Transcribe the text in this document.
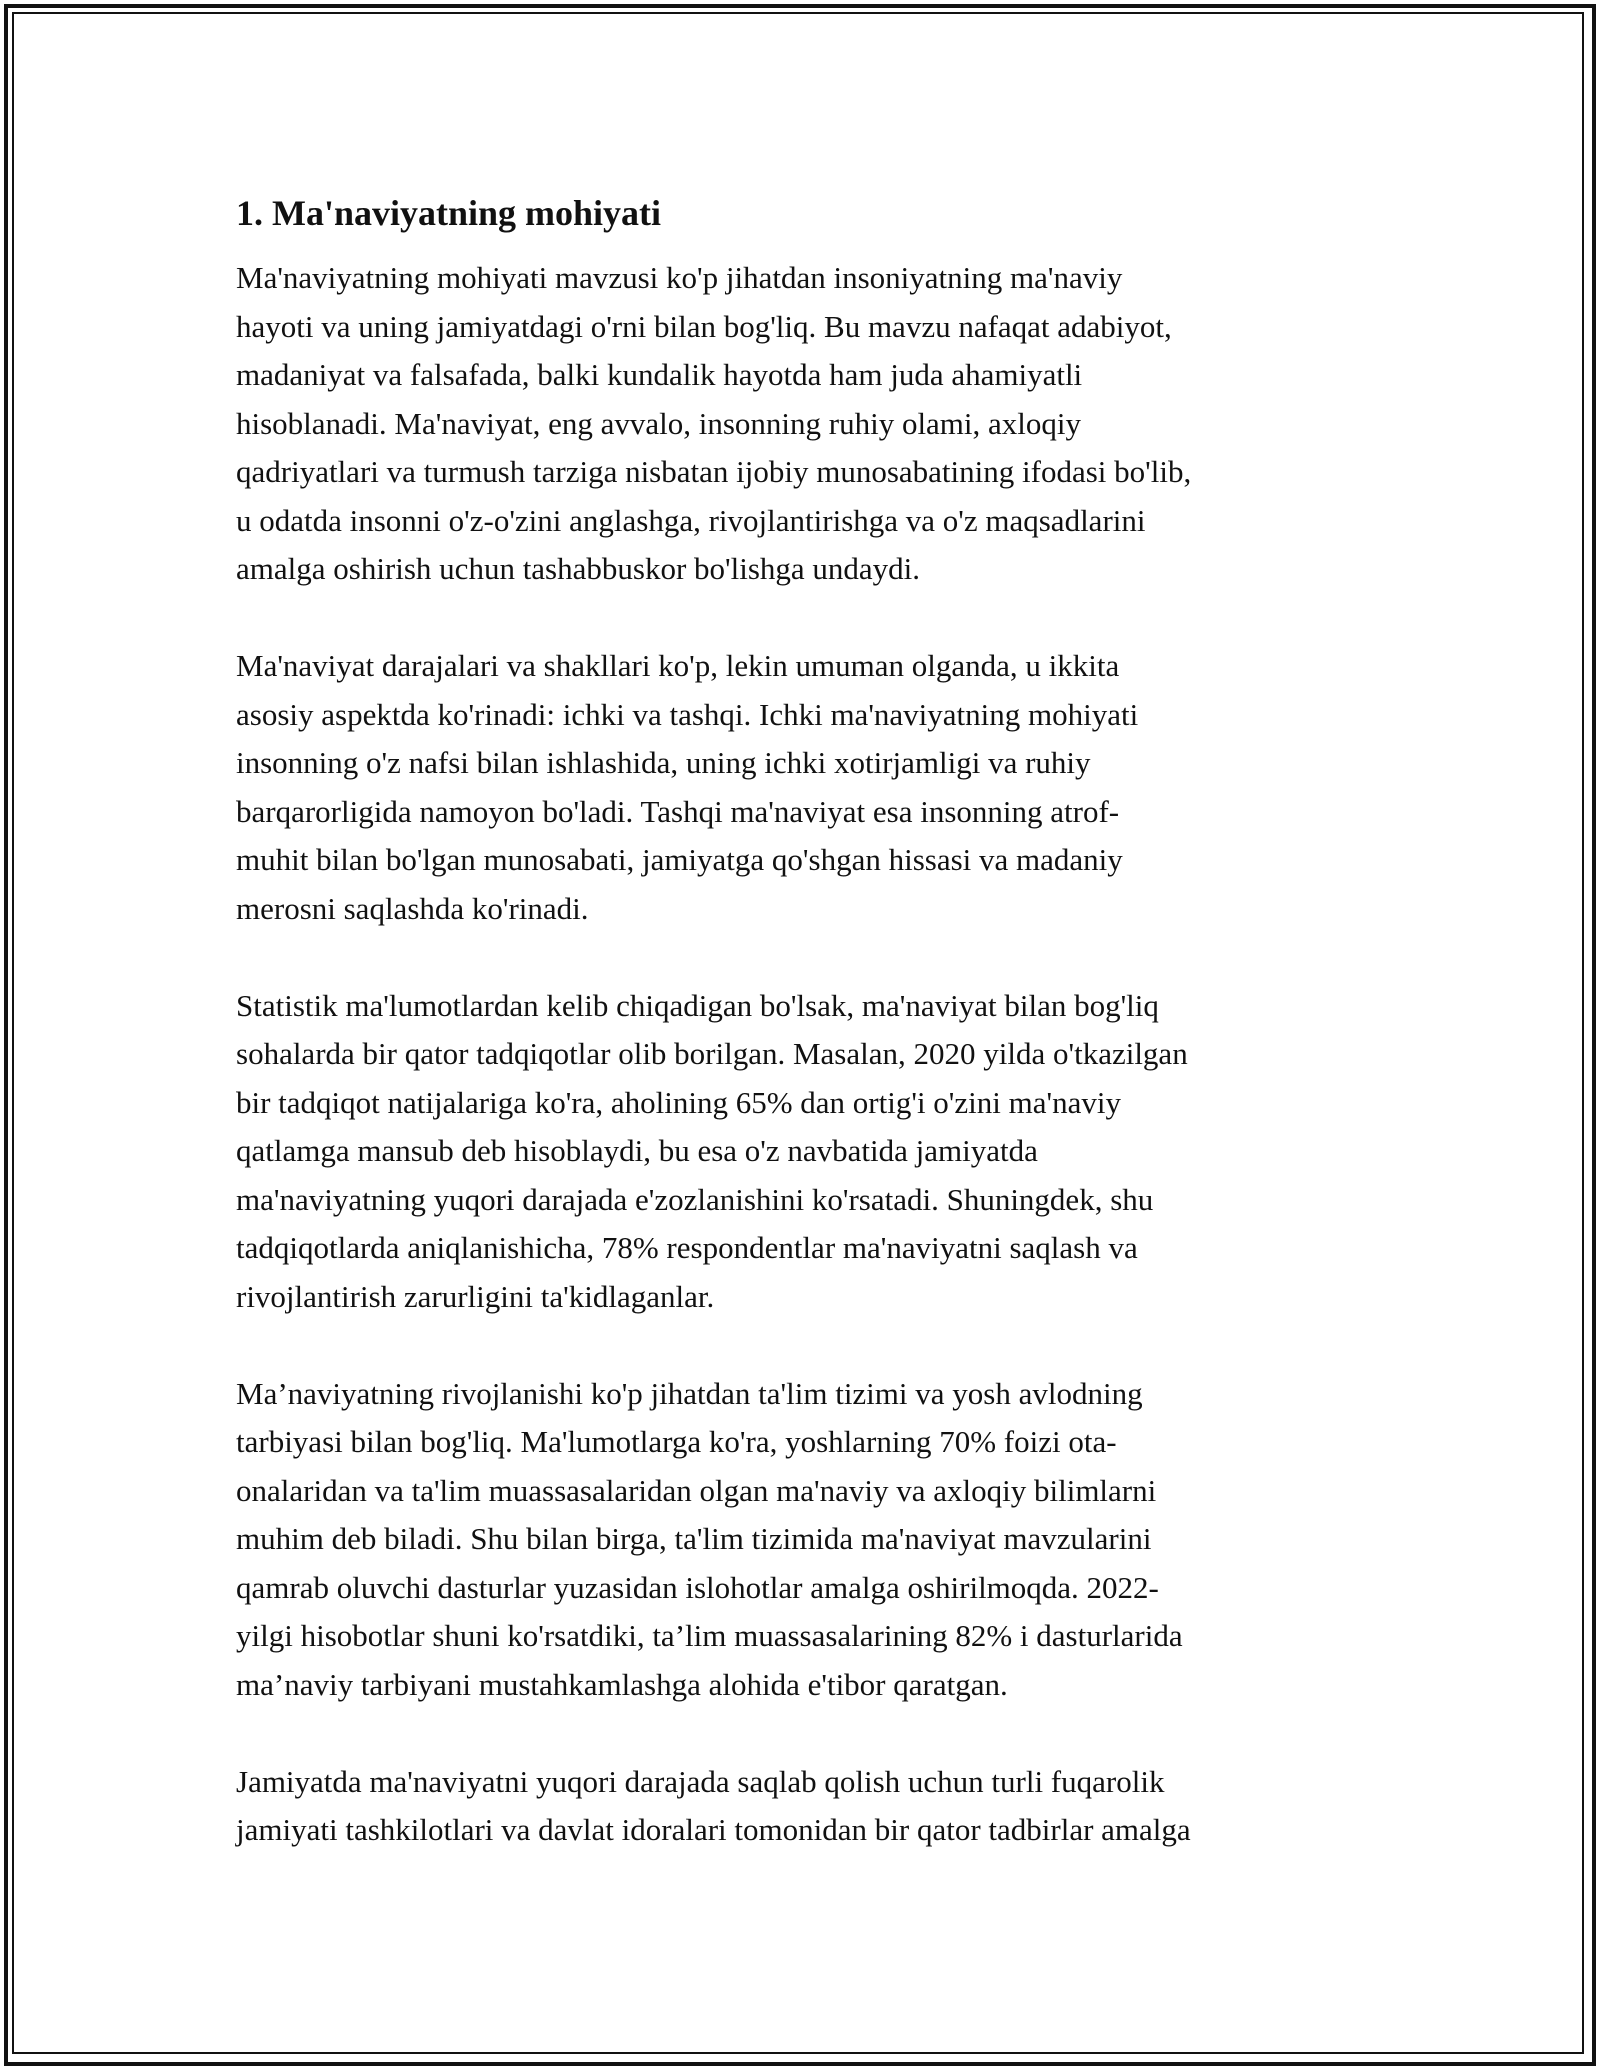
1. Ma'naviyatning mohiyati

Ma'naviyatning mohiyati mavzusi ko'p jihatdan insoniyatning ma'naviy
hayoti va uning jamiyatdagi o'rni bilan bog'liq. Bu mavzu nafaqat adabiyot,
madaniyat va falsafada, balki kundalik hayotda ham juda ahamiyatli
hisoblanadi. Ma'naviyat, eng avvalo, insonning ruhiy olami, axloqiy
qadriyatlari va turmush tarziga nisbatan ijobiy munosabatining ifodasi bo'lib,
u odatda insonni o'z-o'zini anglashga, rivojlantirishga va o'z maqsadlarini
amalga oshirish uchun tashabbuskor bo'lishga undaydi.

Ma'naviyat darajalari va shakllari ko'p, lekin umuman olganda, u ikkita
asosiy aspektda ko'rinadi: ichki va tashqi. Ichki ma'naviyatning mohiyati
insonning o'z nafsi bilan ishlashida, uning ichki xotirjamligi va ruhiy
barqarorligida namoyon bo'ladi. Tashqi ma'naviyat esa insonning atrof-
muhit bilan bo'lgan munosabati, jamiyatga qo'shgan hissasi va madaniy
merosni saqlashda ko'rinadi.

Statistik ma'lumotlardan kelib chiqadigan bo'lsak, ma'naviyat bilan bog'liq
sohalarda bir qator tadqiqotlar olib borilgan. Masalan, 2020 yilda o'tkazilgan
bir tadqiqot natijalariga ko'ra, aholining 65% dan ortig'i o'zini ma'naviy
qatlamga mansub deb hisoblaydi, bu esa o'z navbatida jamiyatda
ma'naviyatning yuqori darajada e'zozlanishini ko'rsatadi. Shuningdek, shu
tadqiqotlarda aniqlanishicha, 78% respondentlar ma'naviyatni saqlash va
rivojlantirish zarurligini ta'kidlaganlar.

Ma’naviyatning rivojlanishi ko'p jihatdan ta'lim tizimi va yosh avlodning
tarbiyasi bilan bog'liq. Ma'lumotlarga ko'ra, yoshlarning 70% foizi ota-
onalaridan va ta'lim muassasalaridan olgan ma'naviy va axloqiy bilimlarni
muhim deb biladi. Shu bilan birga, ta'lim tizimida ma'naviyat mavzularini
qamrab oluvchi dasturlar yuzasidan islohotlar amalga oshirilmoqda. 2022-
yilgi hisobotlar shuni ko'rsatdiki, ta’lim muassasalarining 82% i dasturlarida
ma’naviy tarbiyani mustahkamlashga alohida e'tibor qaratgan.

Jamiyatda ma'naviyatni yuqori darajada saqlab qolish uchun turli fuqarolik
jamiyati tashkilotlari va davlat idoralari tomonidan bir qator tadbirlar amalga
